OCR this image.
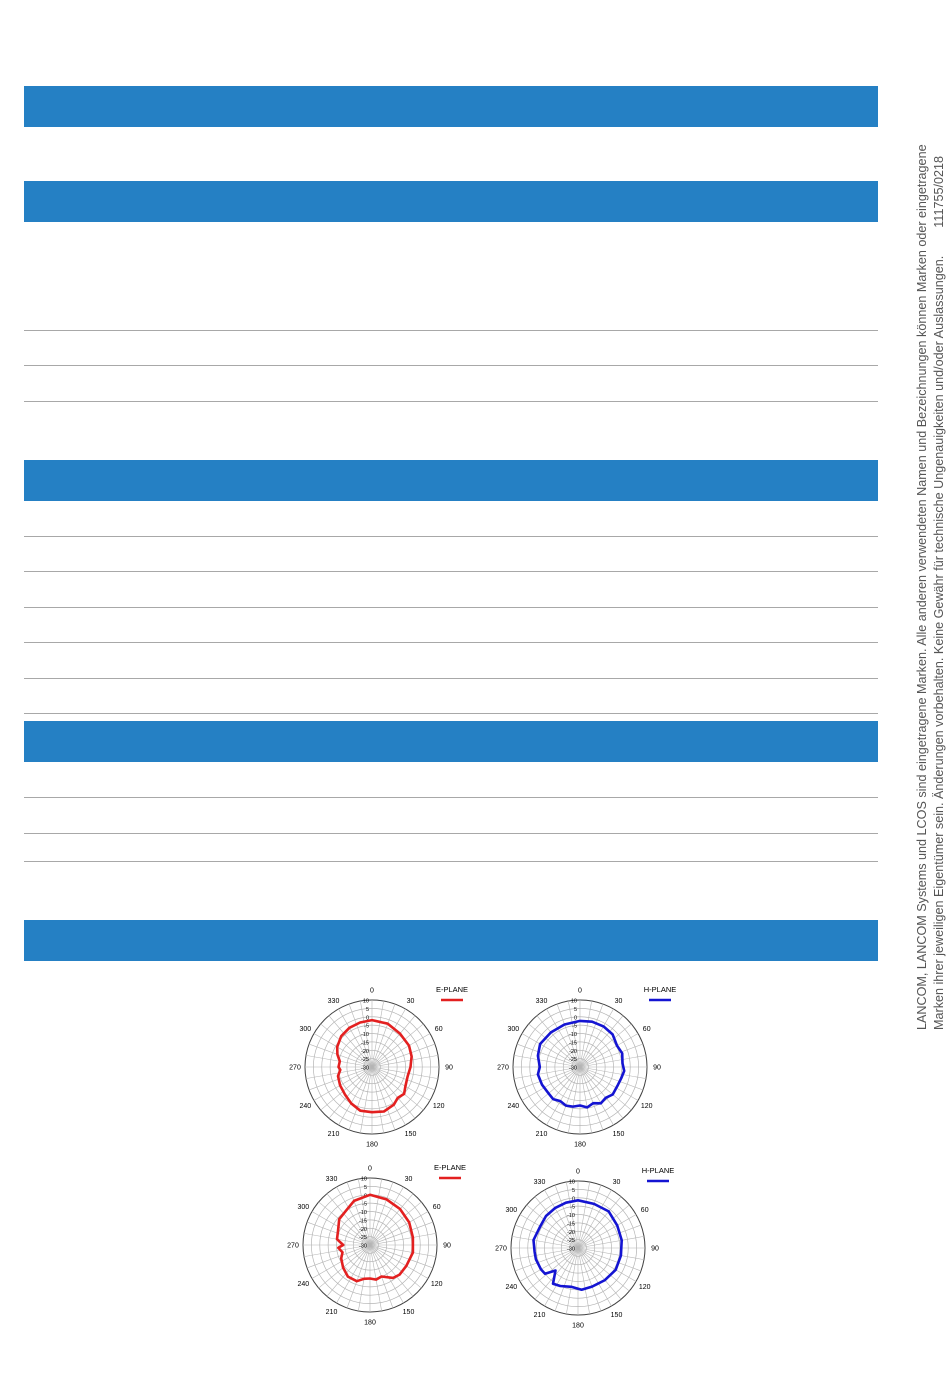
LANCOM, LANCOM Systems und LCOS sind eingetragene Marken. Alle anderen verwendeten Namen und Bezeichnungen können Marken oder eingetragene Marken ihrer jeweiligen Eigentümer sein. Änderungen vorbehalten. Keine Gewähr für technische Ungenauigkeiten und/oder Auslassungen.111755/0218
0
30
60
90
120
150
180
210
240
270
300
330	10
5
0
-5
-10
-15
-20
-25
-30
E-PLANE	0
30
60
90
120
150
180
210
240
270
300
330	10
5
0
-5
-10
-15
-20
-25
-30
H-PLANE
0
30
60
90
120
150
180
210
240
270
300
330	10
5
0
-5
-10
-15
-20
-25
-30
E-PLANE	0
30
60
90
120
150
180
210
240
270
300
330	10
5
0
-5
-10
-15
-20
-25
-30
H-PLANE
